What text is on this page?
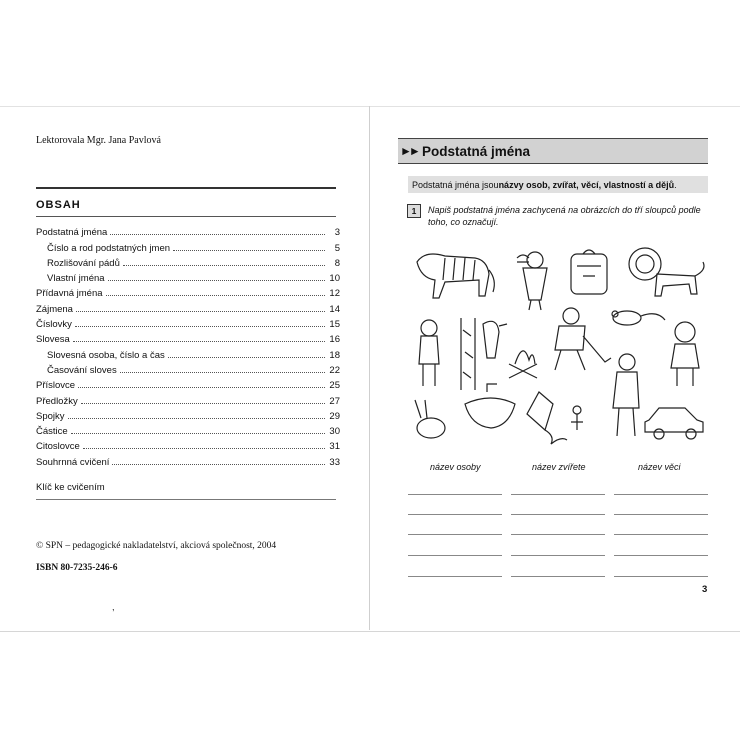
Lektorovala Mgr. Jana Pavlová
OBSAH
Podstatná jména	3
Číslo a rod podstatných jmen	5
Rozlišování pádů	8
Vlastní jména	10
Přídavná jména	12
Zájmena	14
Číslovky	15
Slovesa	16
Slovesná osoba, číslo a čas	18
Časování sloves	22
Příslovce	25
Předložky	27
Spojky	29
Částice	30
Citoslovce	31
Souhrnná cvičení	33
Klíč ke cvičením
© SPN – pedagogické nakladatelství, akciová společnost, 2004
ISBN 80-7235-246-6
,
►► Podstatná jména
Podstatná jména jsou názvy osob, zvířat, věcí, vlastností a dějů .
1	Napiš podstatná jména zachycená na obrázcích do tří sloupců podle toho, co označují.
název osoby	název zvířete	název věci
3
